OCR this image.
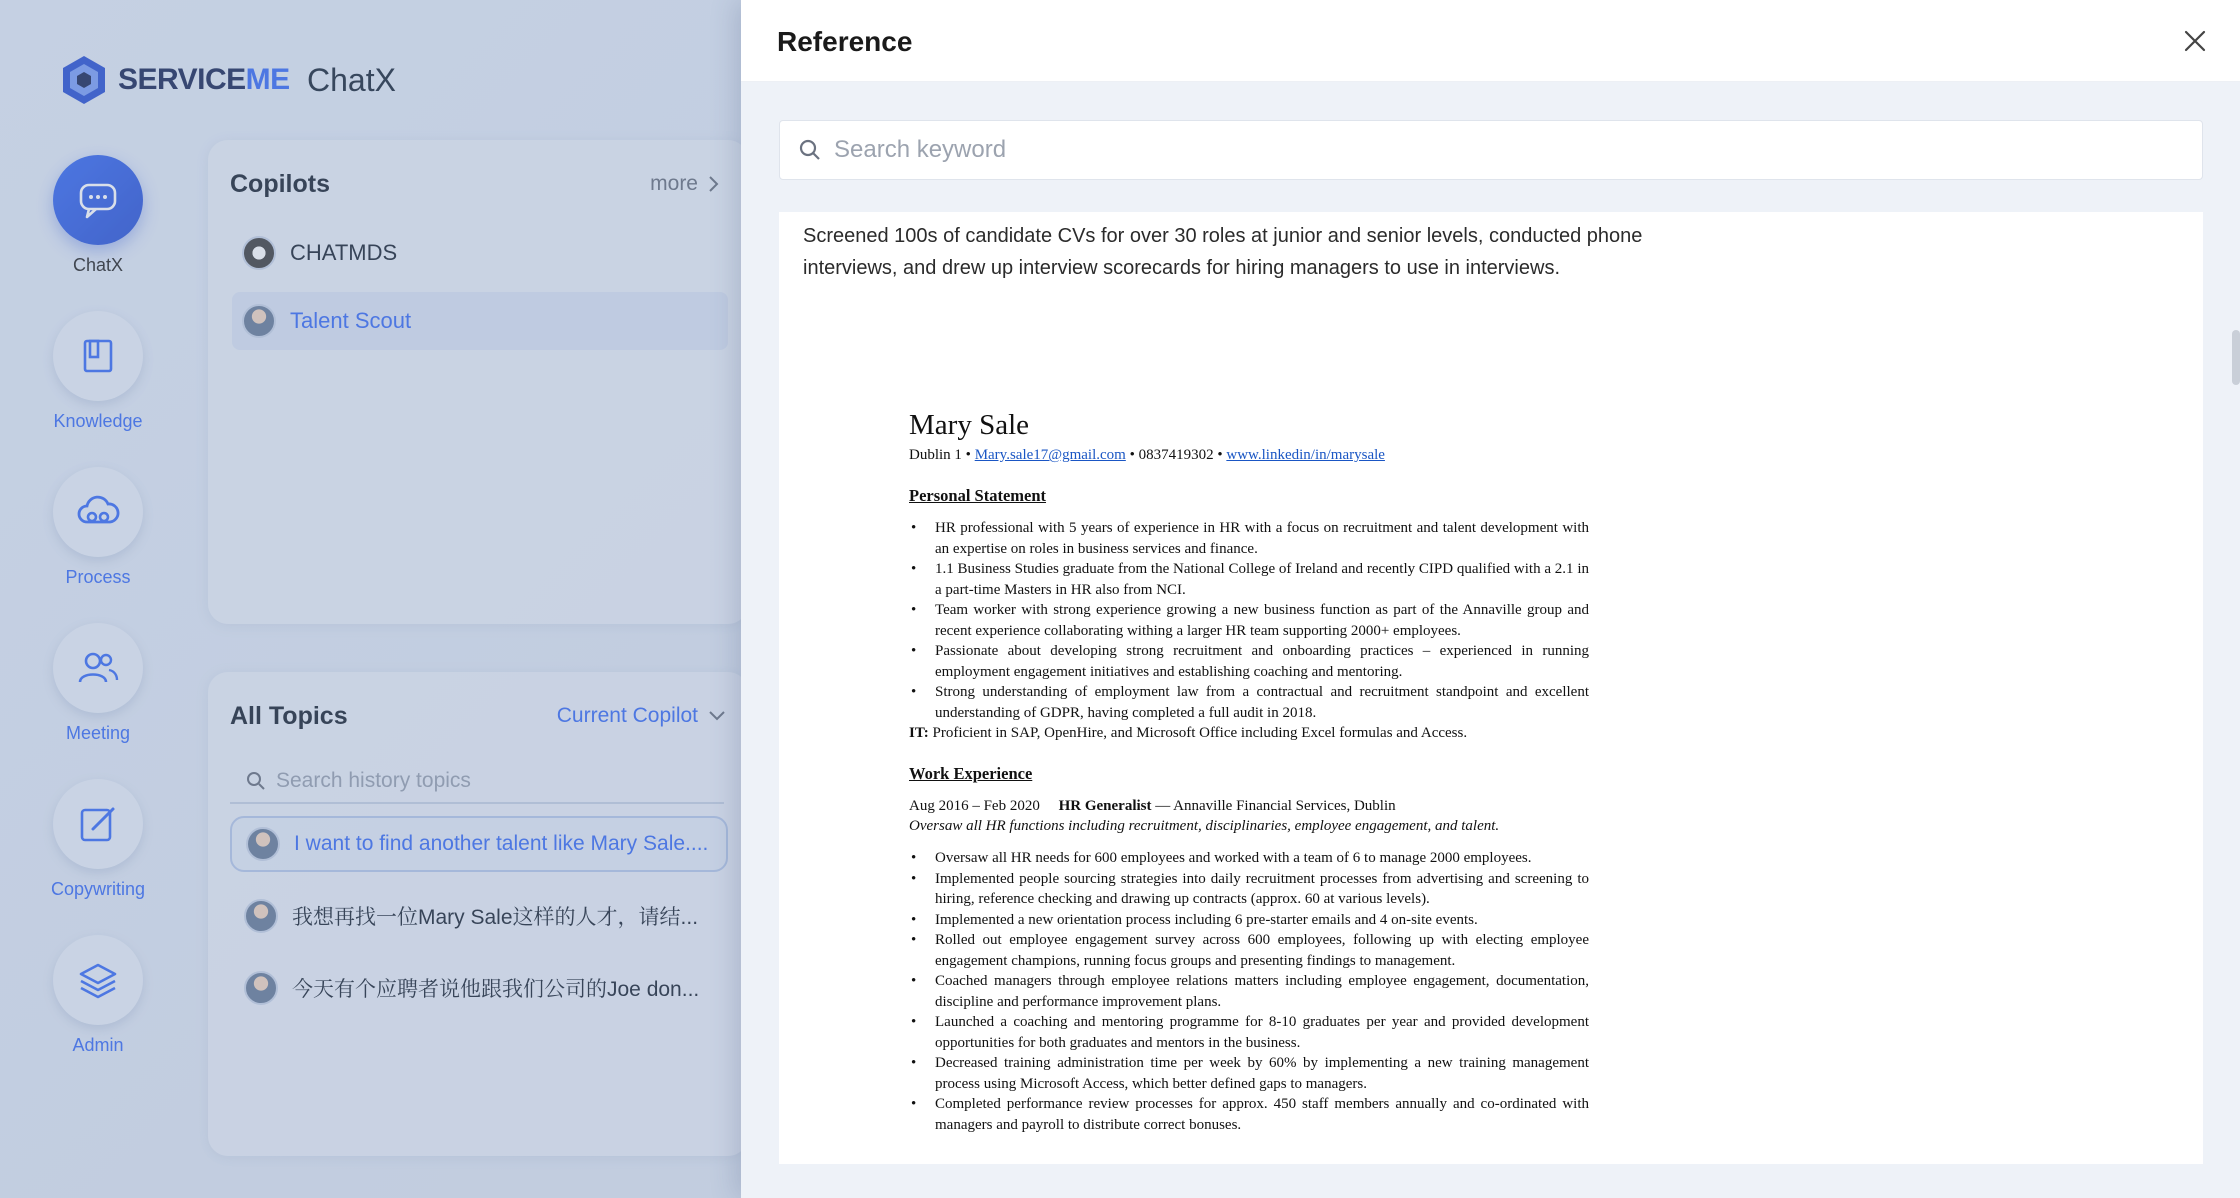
SERVICEME ChatX
ChatX
Knowledge
Process
Meeting
Copywriting
Admin
Copilots	more
CHATMDS
Talent Scout
All Topics	Current Copilot
Search history topics
I want to find another talent like Mary Sale....
我想再找一位Mary Sale这样的人才，请结...
今天有个应聘者说他跟我们公司的Joe don...
Reference
Search keyword
Screened 100s of candidate CVs for over 30 roles at junior and senior levels, conducted phone interviews, and drew up interview scorecards for hiring managers to use in interviews.
Mary Sale
Dublin 1 • Mary.sale17@gmail.com • 0837419302 • www.linkedin/in/marysale
Personal Statement
• HR professional with 5 years of experience in HR with a focus on recruitment and talent development with an expertise on roles in business services and finance.
• 1.1 Business Studies graduate from the National College of Ireland and recently CIPD qualified with a 2.1 in a part-time Masters in HR also from NCI.
• Team worker with strong experience growing a new business function as part of the Annaville group and recent experience collaborating withing a larger HR team supporting 2000+ employees.
• Passionate about developing strong recruitment and onboarding practices – experienced in running employment engagement initiatives and establishing coaching and mentoring.
• Strong understanding of employment law from a contractual and recruitment standpoint and excellent understanding of GDPR, having completed a full audit in 2018.
IT: Proficient in SAP, OpenHire, and Microsoft Office including Excel formulas and Access.
Work Experience
Aug 2016 – Feb 2020 HR Generalist — Annaville Financial Services, Dublin
Oversaw all HR functions including recruitment, disciplinaries, employee engagement, and talent.
• Oversaw all HR needs for 600 employees and worked with a team of 6 to manage 2000 employees.
• Implemented people sourcing strategies into daily recruitment processes from advertising and screening to hiring, reference checking and drawing up contracts (approx. 60 at various levels).
• Implemented a new orientation process including 6 pre-starter emails and 4 on-site events.
• Rolled out employee engagement survey across 600 employees, following up with electing employee engagement champions, running focus groups and presenting findings to management.
• Coached managers through employee relations matters including employee engagement, documentation, discipline and performance improvement plans.
• Launched a coaching and mentoring programme for 8-10 graduates per year and provided development opportunities for both graduates and mentors in the business.
• Decreased training administration time per week by 60% by implementing a new training management process using Microsoft Access, which better defined gaps to managers.
• Completed performance review processes for approx. 450 staff members annually and co-ordinated with managers and payroll to distribute correct bonuses.
